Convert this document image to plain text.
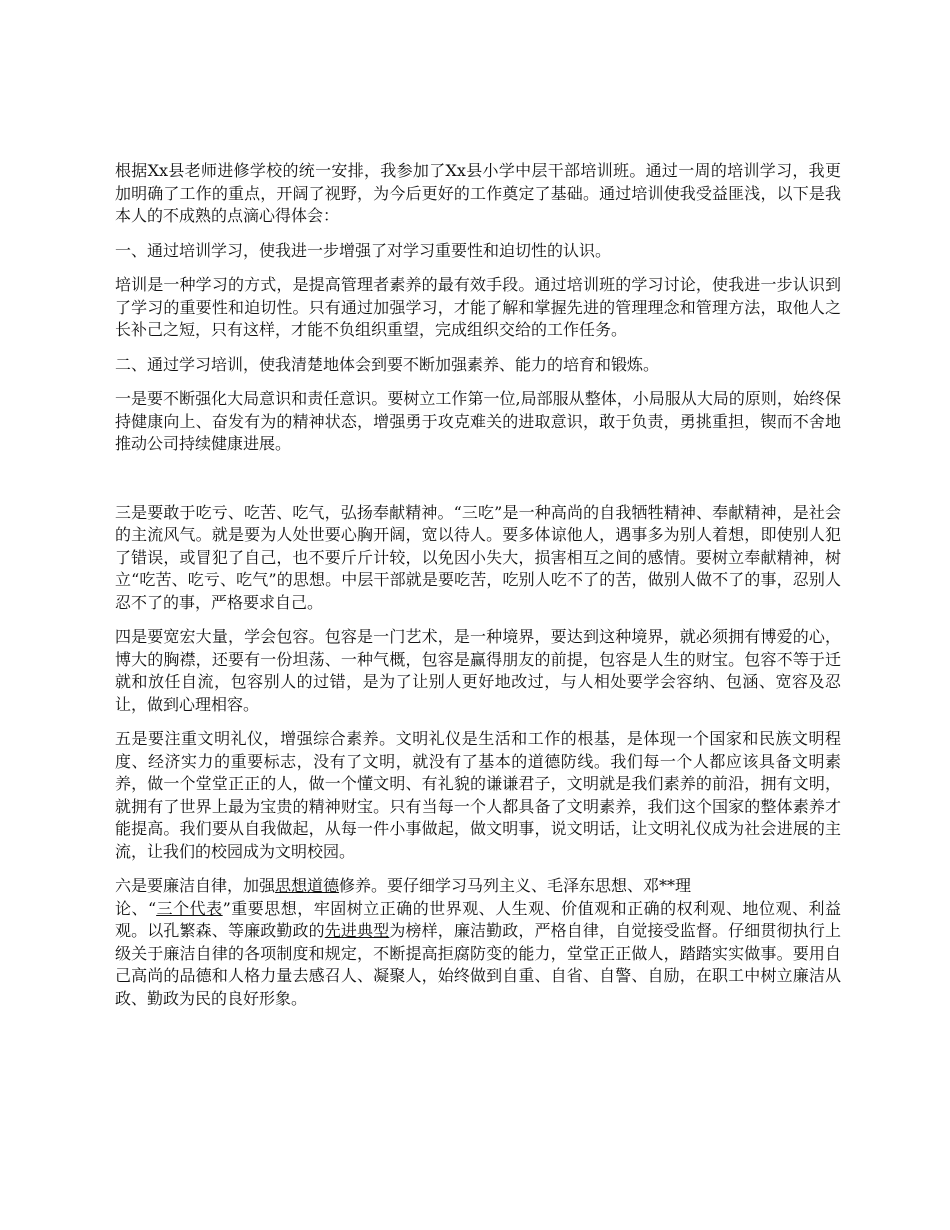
根据Xx县老师进修学校的统一安排，我参加了Xx县小学中层干部培训班。通过一周的培训学习，我更加明确了工作的重点，开阔了视野，为今后更好的工作奠定了基础。通过培训使我受益匪浅，以下是我本人的不成熟的点滴心得体会：

一、通过培训学习，使我进一步增强了对学习重要性和迫切性的认识。

培训是一种学习的方式，是提高管理者素养的最有效手段。通过培训班的学习讨论，使我进一步认识到了学习的重要性和迫切性。只有通过加强学习，才能了解和掌握先进的管理理念和管理方法，取他人之长补己之短，只有这样，才能不负组织重望，完成组织交给的工作任务。

二、通过学习培训，使我清楚地体会到要不断加强素养、能力的培育和锻炼。

一是要不断强化大局意识和责任意识。要树立工作第一位,局部服从整体，小局服从大局的原则，始终保持健康向上、奋发有为的精神状态，增强勇于攻克难关的进取意识，敢于负责，勇挑重担，锲而不舍地推动公司持续健康进展。

三是要敢于吃亏、吃苦、吃气，弘扬奉献精神。“三吃”是一种高尚的自我牺牲精神、奉献精神，是社会的主流风气。就是要为人处世要心胸开阔，宽以待人。要多体谅他人，遇事多为别人着想，即使别人犯了错误，或冒犯了自己，也不要斤斤计较，以免因小失大，损害相互之间的感情。要树立奉献精神，树立“吃苦、吃亏、吃气”的思想。中层干部就是要吃苦，吃别人吃不了的苦，做别人做不了的事，忍别人忍不了的事，严格要求自己。

四是要宽宏大量，学会包容。包容是一门艺术，是一种境界，要达到这种境界，就必须拥有博爱的心，博大的胸襟，还要有一份坦荡、一种气概，包容是赢得朋友的前提，包容是人生的财宝。包容不等于迁就和放任自流，包容别人的过错，是为了让别人更好地改过，与人相处要学会容纳、包涵、宽容及忍让，做到心理相容。

五是要注重文明礼仪，增强综合素养。文明礼仪是生活和工作的根基，是体现一个国家和民族文明程度、经济实力的重要标志，没有了文明，就没有了基本的道德防线。我们每一个人都应该具备文明素养，做一个堂堂正正的人，做一个懂文明、有礼貌的谦谦君子，文明就是我们素养的前沿，拥有文明，就拥有了世界上最为宝贵的精神财宝。只有当每一个人都具备了文明素养，我们这个国家的整体素养才能提高。我们要从自我做起，从每一件小事做起，做文明事，说文明话，让文明礼仪成为社会进展的主流，让我们的校园成为文明校园。

六是要廉洁自律，加强思想道德修养。要仔细学习马列主义、毛泽东思想、邓**理
论、“三个代表”重要思想，牢固树立正确的世界观、人生观、价值观和正确的权利观、地位观、利益观。以孔繁森、等廉政勤政的先进典型为榜样，廉洁勤政，严格自律，自觉接受监督。仔细贯彻执行上级关于廉洁自律的各项制度和规定，不断提高拒腐防变的能力，堂堂正正做人，踏踏实实做事。要用自己高尚的品德和人格力量去感召人、凝聚人，始终做到自重、自省、自警、自励，在职工中树立廉洁从政、勤政为民的良好形象。
